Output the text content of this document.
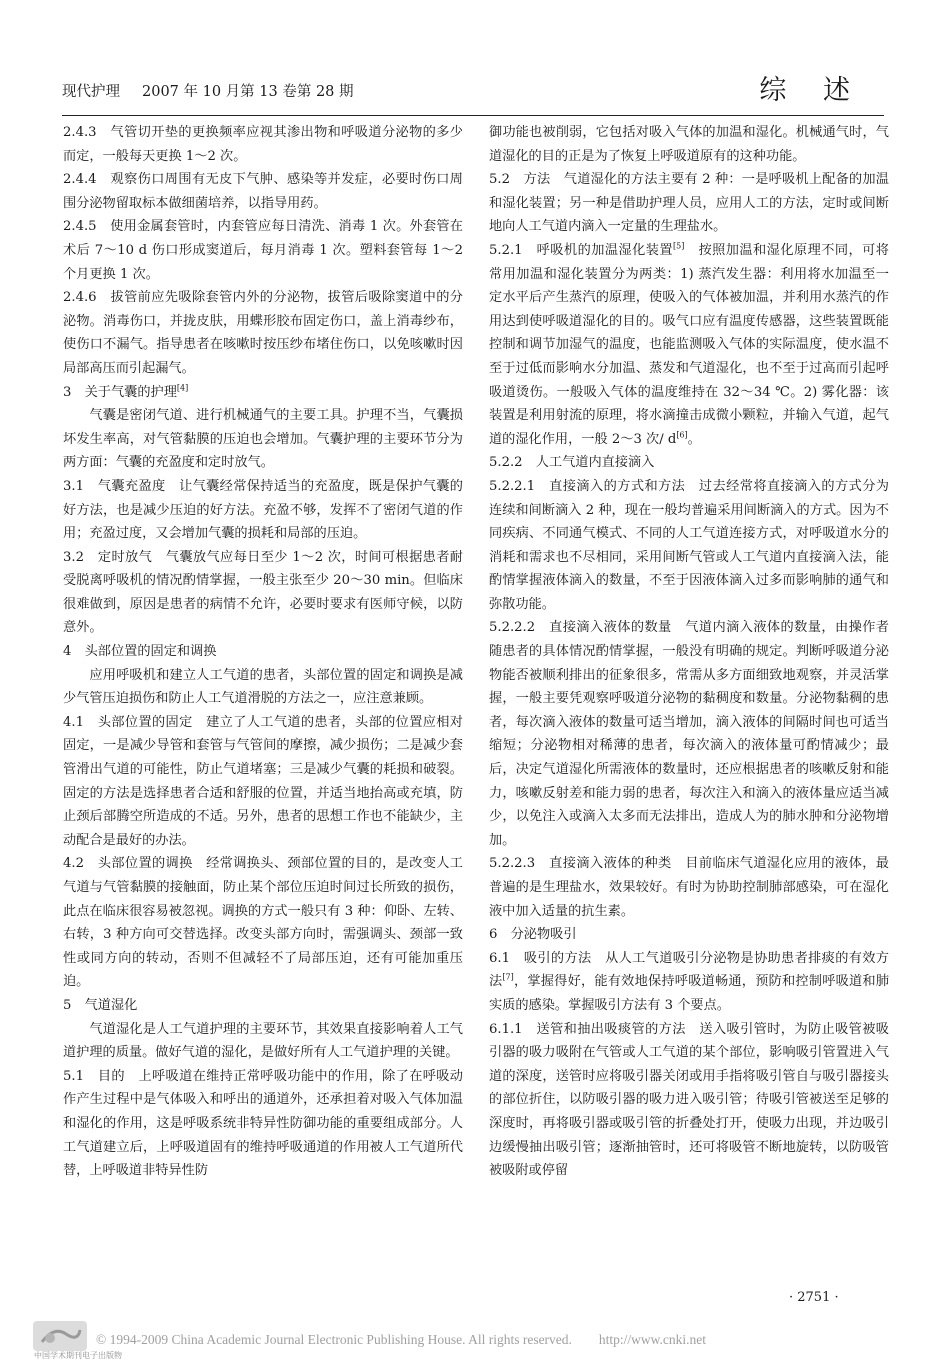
现代护理 2007 年 10 月第 13 卷第 28 期	综 述

2.4.3　气管切开垫的更换频率应视其渗出物和呼吸道分泌物的多少而定，一般每天更换 1～2 次。

2.4.4　观察伤口周围有无皮下气肿、感染等并发症，必要时伤口周围分泌物留取标本做细菌培养，以指导用药。

2.4.5　使用金属套管时，内套管应每日清洗、消毒 1 次。外套管在术后 7～10 d 伤口形成窦道后，每月消毒 1 次。塑料套管每 1～2 个月更换 1 次。

2.4.6　拔管前应先吸除套管内外的分泌物，拔管后吸除窦道中的分泌物。消毒伤口，并拢皮肤，用蝶形胶布固定伤口，盖上消毒纱布，使伤口不漏气。指导患者在咳嗽时按压纱布堵住伤口，以免咳嗽时因局部高压而引起漏气。

3　关于气囊的护理[4]

气囊是密闭气道、进行机械通气的主要工具。护理不当，气囊损坏发生率高，对气管黏膜的压迫也会增加。气囊护理的主要环节分为两方面：气囊的充盈度和定时放气。

3.1　气囊充盈度　让气囊经常保持适当的充盈度，既是保护气囊的好方法，也是减少压迫的好方法。充盈不够，发挥不了密闭气道的作用；充盈过度，又会增加气囊的损耗和局部的压迫。

3.2　定时放气　气囊放气应每日至少 1～2 次，时间可根据患者耐受脱离呼吸机的情况酌情掌握，一般主张至少 20～30 min。但临床很难做到，原因是患者的病情不允许，必要时要求有医师守候，以防意外。

4　头部位置的固定和调换

应用呼吸机和建立人工气道的患者，头部位置的固定和调换是减少气管压迫损伤和防止人工气道滑脱的方法之一，应注意兼顾。

4.1　头部位置的固定　建立了人工气道的患者，头部的位置应相对固定，一是减少导管和套管与气管间的摩擦，减少损伤；二是减少套管滑出气道的可能性，防止气道堵塞；三是减少气囊的耗损和破裂。固定的方法是选择患者合适和舒服的位置，并适当地抬高或充填，防止颈后部腾空所造成的不适。另外，患者的思想工作也不能缺少，主动配合是最好的办法。

4.2　头部位置的调换　经常调换头、颈部位置的目的，是改变人工气道与气管黏膜的接触面，防止某个部位压迫时间过长所致的损伤，此点在临床很容易被忽视。调换的方式一般只有 3 种：仰卧、左转、右转，3 种方向可交替选择。改变头部方向时，需强调头、颈部一致性或同方向的转动，否则不但减轻不了局部压迫，还有可能加重压迫。

5　气道湿化

气道湿化是人工气道护理的主要环节，其效果直接影响着人工气道护理的质量。做好气道的湿化，是做好所有人工气道护理的关键。

5.1　目的　上呼吸道在维持正常呼吸功能中的作用，除了在呼吸动作产生过程中是气体吸入和呼出的通道外，还承担着对吸入气体加温和湿化的作用，这是呼吸系统非特异性防御功能的重要组成部分。人工气道建立后，上呼吸道固有的维持呼吸通道的作用被人工气道所代替，上呼吸道非特异性防

御功能也被削弱，它包括对吸入气体的加温和湿化。机械通气时，气道湿化的目的正是为了恢复上呼吸道原有的这种功能。

5.2　方法　气道湿化的方法主要有 2 种：一是呼吸机上配备的加温和湿化装置；另一种是借助护理人员，应用人工的方法，定时或间断地向人工气道内滴入一定量的生理盐水。

5.2.1　呼吸机的加温湿化装置[5]　按照加温和湿化原理不同，可将常用加温和湿化装置分为两类：1) 蒸汽发生器：利用将水加温至一定水平后产生蒸汽的原理，使吸入的气体被加温，并利用水蒸汽的作用达到使呼吸道湿化的目的。吸气口应有温度传感器，这些装置既能控制和调节加湿气的温度，也能监测吸入气体的实际温度，使水温不至于过低而影响水分加温、蒸发和气道湿化，也不至于过高而引起呼吸道烫伤。一般吸入气体的温度维持在 32～34 ℃。2) 雾化器：该装置是利用射流的原理，将水滴撞击成微小颗粒，并输入气道，起气道的湿化作用，一般 2～3 次/ d[6]。

5.2.2　人工气道内直接滴入

5.2.2.1　直接滴入的方式和方法　过去经常将直接滴入的方式分为连续和间断滴入 2 种，现在一般均普遍采用间断滴入的方式。因为不同疾病、不同通气模式、不同的人工气道连接方式，对呼吸道水分的消耗和需求也不尽相同，采用间断气管或人工气道内直接滴入法，能酌情掌握液体滴入的数量，不至于因液体滴入过多而影响肺的通气和弥散功能。

5.2.2.2　直接滴入液体的数量　气道内滴入液体的数量，由操作者随患者的具体情况酌情掌握，一般没有明确的规定。判断呼吸道分泌物能否被顺利排出的征象很多，常需从多方面细致地观察，并灵活掌握，一般主要凭观察呼吸道分泌物的黏稠度和数量。分泌物黏稠的患者，每次滴入液体的数量可适当增加，滴入液体的间隔时间也可适当缩短；分泌物相对稀薄的患者，每次滴入的液体量可酌情减少；最后，决定气道湿化所需液体的数量时，还应根据患者的咳嗽反射和能力，咳嗽反射差和能力弱的患者，每次注入和滴入的液体量应适当减少，以免注入或滴入太多而无法排出，造成人为的肺水肿和分泌物增加。

5.2.2.3　直接滴入液体的种类　目前临床气道湿化应用的液体，最普遍的是生理盐水，效果较好。有时为协助控制肺部感染，可在湿化液中加入适量的抗生素。

6　分泌物吸引

6.1　吸引的方法　从人工气道吸引分泌物是协助患者排痰的有效方法[7]，掌握得好，能有效地保持呼吸道畅通，预防和控制呼吸道和肺实质的感染。掌握吸引方法有 3 个要点。

6.1.1　送管和抽出吸痰管的方法　送入吸引管时，为防止吸管被吸引器的吸力吸附在气管或人工气道的某个部位，影响吸引管置进入气道的深度，送管时应将吸引器关闭或用手指将吸引管自与吸引器接头的部位折住，以防吸引器的吸力进入吸引管；待吸引管被送至足够的深度时，再将吸引器或吸引管的折叠处打开，使吸力出现，并边吸引边缓慢抽出吸引管；逐渐抽管时，还可将吸管不断地旋转，以防吸管被吸附或停留

· 2751 ·
中国学术期刊电子出版物
© 1994-2009 China Academic Journal Electronic Publishing House. All rights reserved.　　http://www.cnki.net
